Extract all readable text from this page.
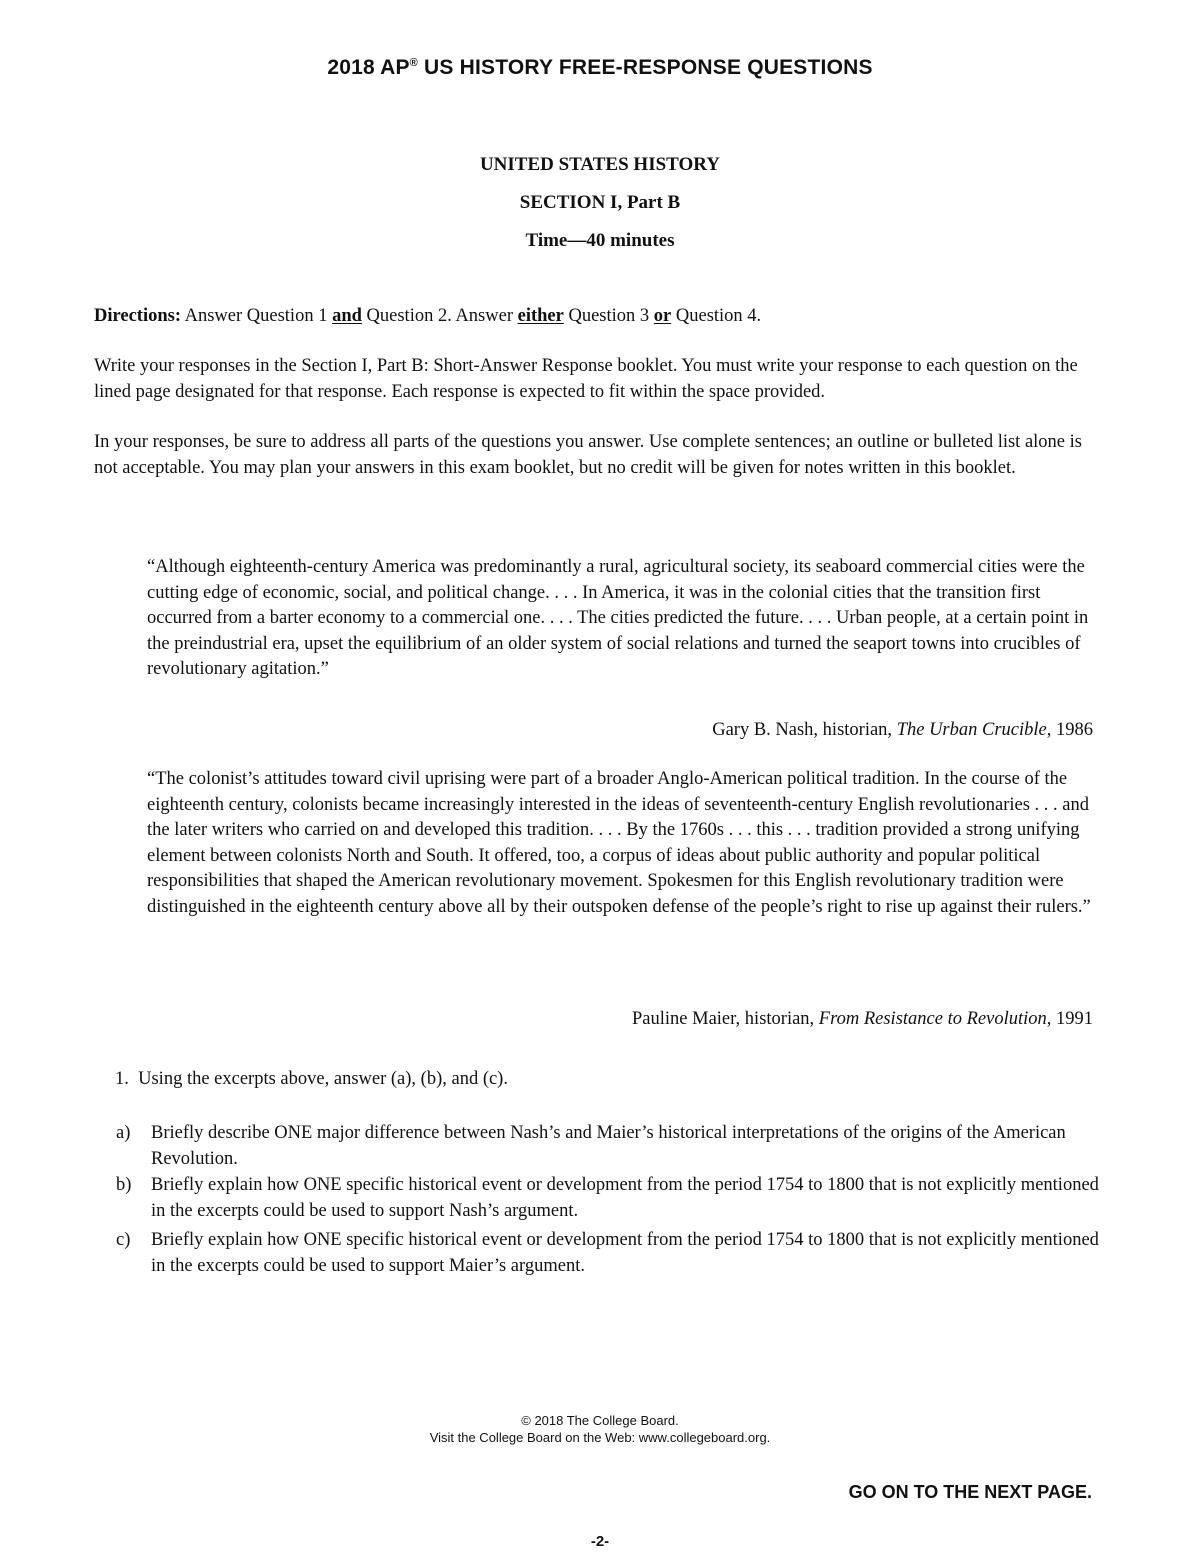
2018 AP® US HISTORY FREE-RESPONSE QUESTIONS
UNITED STATES HISTORY
SECTION I, Part B
Time—40 minutes

Directions: Answer Question 1 and Question 2. Answer either Question 3 or Question 4.

Write your responses in the Section I, Part B: Short-Answer Response booklet. You must write your response to each question on the lined page designated for that response. Each response is expected to fit within the space provided.
In your responses, be sure to address all parts of the questions you answer. Use complete sentences; an outline or bulleted list alone is not acceptable. You may plan your answers in this exam booklet, but no credit will be given for notes written in this booklet.
“Although eighteenth-century America was predominantly a rural, agricultural society, its seaboard commercial cities were the cutting edge of economic, social, and political change. . . . In America, it was in the colonial cities that the transition first occurred from a barter economy to a commercial one. . . . The cities predicted the future. . . . Urban people, at a certain point in the preindustrial era, upset the equilibrium of an older system of social relations and turned the seaport towns into crucibles of revolutionary agitation.”
Gary B. Nash, historian, The Urban Crucible, 1986
“The colonist’s attitudes toward civil uprising were part of a broader Anglo-American political tradition. In the course of the eighteenth century, colonists became increasingly interested in the ideas of seventeenth-century English revolutionaries . . . and the later writers who carried on and developed this tradition. . . . By the 1760s . . . this . . . tradition provided a strong unifying element between colonists North and South. It offered, too, a corpus of ideas about public authority and popular political responsibilities that shaped the American revolutionary movement. Spokesmen for this English revolutionary tradition were distinguished in the eighteenth century above all by their outspoken defense of the people’s right to rise up against their rulers.”
Pauline Maier, historian, From Resistance to Revolution, 1991
1. Using the excerpts above, answer (a), (b), and (c).
a)	Briefly describe ONE major difference between Nash’s and Maier’s historical interpretations of the origins of the American Revolution.
b)	Briefly explain how ONE specific historical event or development from the period 1754 to 1800 that is not explicitly mentioned in the excerpts could be used to support Nash’s argument.
c)	Briefly explain how ONE specific historical event or development from the period 1754 to 1800 that is not explicitly mentioned in the excerpts could be used to support Maier’s argument.
© 2018 The College Board.
Visit the College Board on the Web: www.collegeboard.org.
GO ON TO THE NEXT PAGE.
-2-
